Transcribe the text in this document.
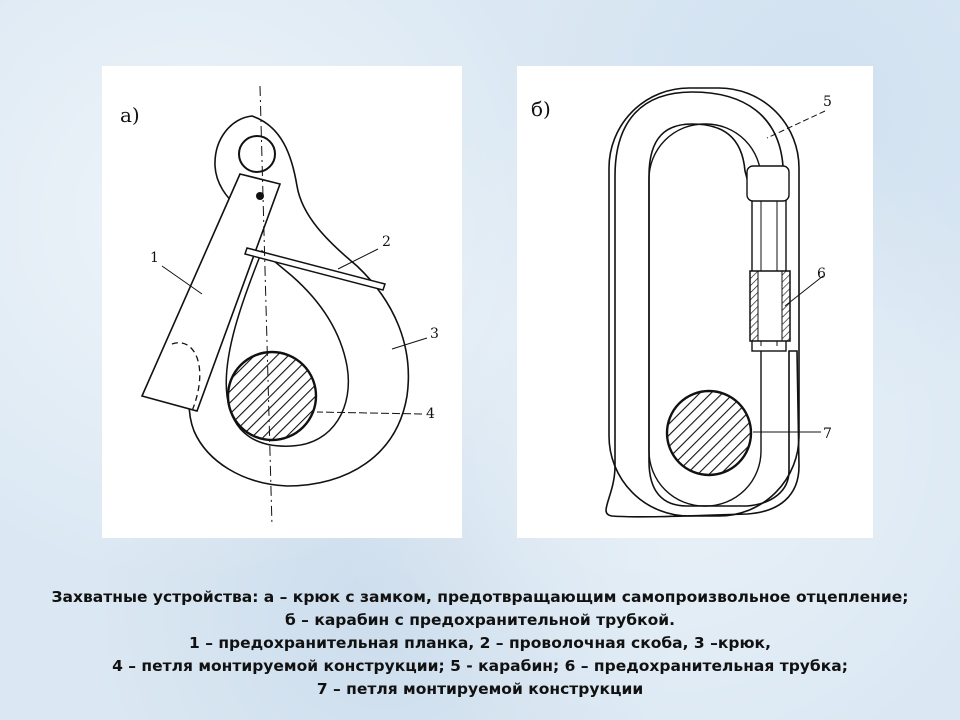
а)
1
2
3
4
б)	5
6
7
Захватные устройства: а – крюк с замком, предотвращающим самопроизвольное отцепление;
б – карабин с предохранительной трубкой.
1 – предохранительная планка, 2 – проволочная скоба, 3 –крюк,
4 – петля монтируемой конструкции; 5 - карабин; 6 – предохранительная трубка;
7 – петля монтируемой конструкции
